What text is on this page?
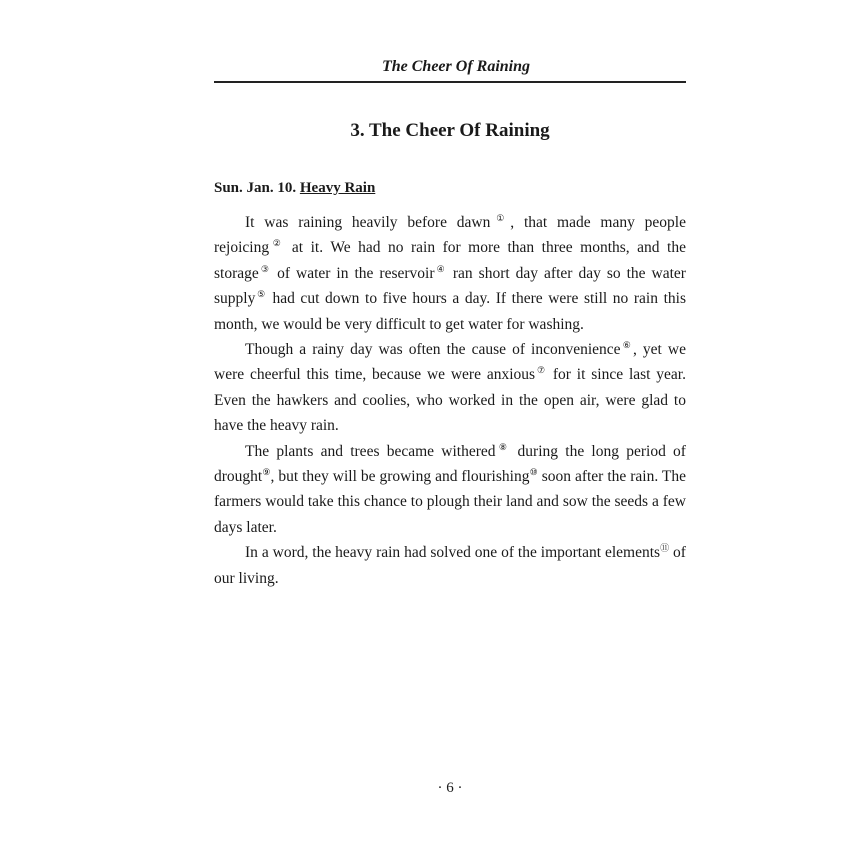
The Cheer Of Raining
3. The Cheer Of Raining
Sun. Jan. 10. Heavy Rain

It was raining heavily before dawn①, that made many people rejoicing② at it. We had no rain for more than three months, and the storage③ of water in the reservoir④ ran short day after day so the water supply⑤ had cut down to five hours a day. If there were still no rain this month, we would be very difficult to get water for washing.

Though a rainy day was often the cause of inconvenience⑥, yet we were cheerful this time, because we were anxious⑦ for it since last year. Even the hawkers and coolies, who worked in the open air, were glad to have the heavy rain.

The plants and trees became withered⑧ during the long period of drought⑨, but they will be growing and flourishing⑩ soon after the rain. The farmers would take this chance to plough their land and sow the seeds a few days later.

In a word, the heavy rain had solved one of the important elements⑪ of our living.

· 6 ·
